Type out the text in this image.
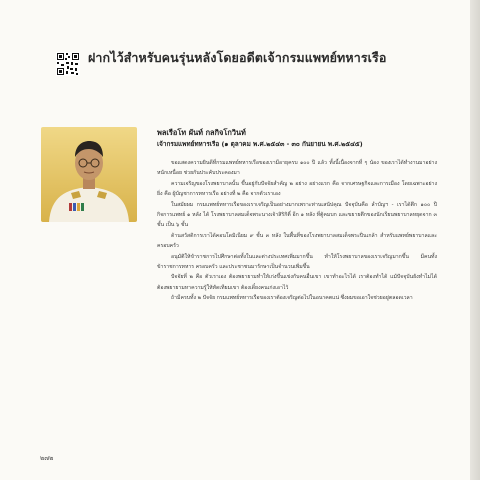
ฝากไว้สำหรับคนรุ่นหลังโดยอดีตเจ้ากรมแพทย์ทหารเรือ
พลเรือโท ผันท์ กลกิจโกวินท์
เจ้ากรมแพทย์ทหารเรือ (๑ ตุลาคม พ.ศ.๒๕๔๓ - ๓๐ กันยายน พ.ศ.๒๕๔๕)

ขอแสดงความยินดีที่กรมแพทย์ทหารเรือของเรามีอายุครบ ๑๐๐ ปี แล้ว ทั้งนี้เนื่องจากที่ ๆ น้อง ของเราได้ทำงานมาอย่างหนักเหนื่อย ช่วยกันประคับประคองมา

ความเจริญของโรงพยาบาลนั้น ขึ้นอยู่กับปัจจัยสำคัญ ๒ อย่าง อย่างแรก คือ จากเศรษฐกิจและการเมือง โดยเฉพาะอย่างยิ่ง คือ ผู้บัญชาการทหารเรือ อย่างที่ ๒ คือ จากตัวเราเอง

ในสมัยผม กรมแพทย์ทหารเรือของเราเจริญเป็นอย่างมากเพราะท่านเสนัปคุณ ปัจจุบันคือ ลำบัญฯ - เราได้ตึก ๑๐๐ ปีกิจการแพทย์ ๑ หลัง ได้ โรงพยาบาลสมเด็จพระนางเจ้าสิริกิติ์ อีก ๑ หลัง ที่ตู้คมบก และขยายตึกของนักเรียนพยาบาลหยุดจาก ๓ ชั้น เป็น ๖ ชั้น

ด้านสวัสดิการเราได้คอนโดมิเนียม ๙ ชั้น ๓ หลัง ในพื้นที่ของโรงพยาบาลสมเด็จพระปิ่นเกล้า สำหรับแพทย์พยาบาลและครอบครัว

อนุมัติให้ข้าราชการไปศึกษาต่อทั้งในและต่างประเทศเพิ่มมากขึ้น ทำให้โรงพยาบาลของเราเจริญมากขึ้น มีคนทั้งข้าราชการทหาร ครอบครัว และประชาชนมารักษาเป็นจำนวนเพิ่มขึ้น

ปัจจัยที่ ๒ คือ ตัวเราเอง ต้องพยายามทำให้เก่งขึ้นแข่งกับคนอื่นเขา เขาทำอะไรได้ เราต้องทำได้ แม้ปัจจุบันยังทำไม่ได้ ต้องพยายามหาความรู้ให้ทัดเทียมเขา ต้องเดี๋ยงคนเก่งเอาไว้

ถ้ามีครบทั้ง ๒ ปัจจัย กรมแพทย์ทหารเรือของเราต้องเจริญต่อไปในอนาคตแน่ ซึ่งผมขอเอาใจช่วยอยู่ตลอดเวลา

๒๗๒
